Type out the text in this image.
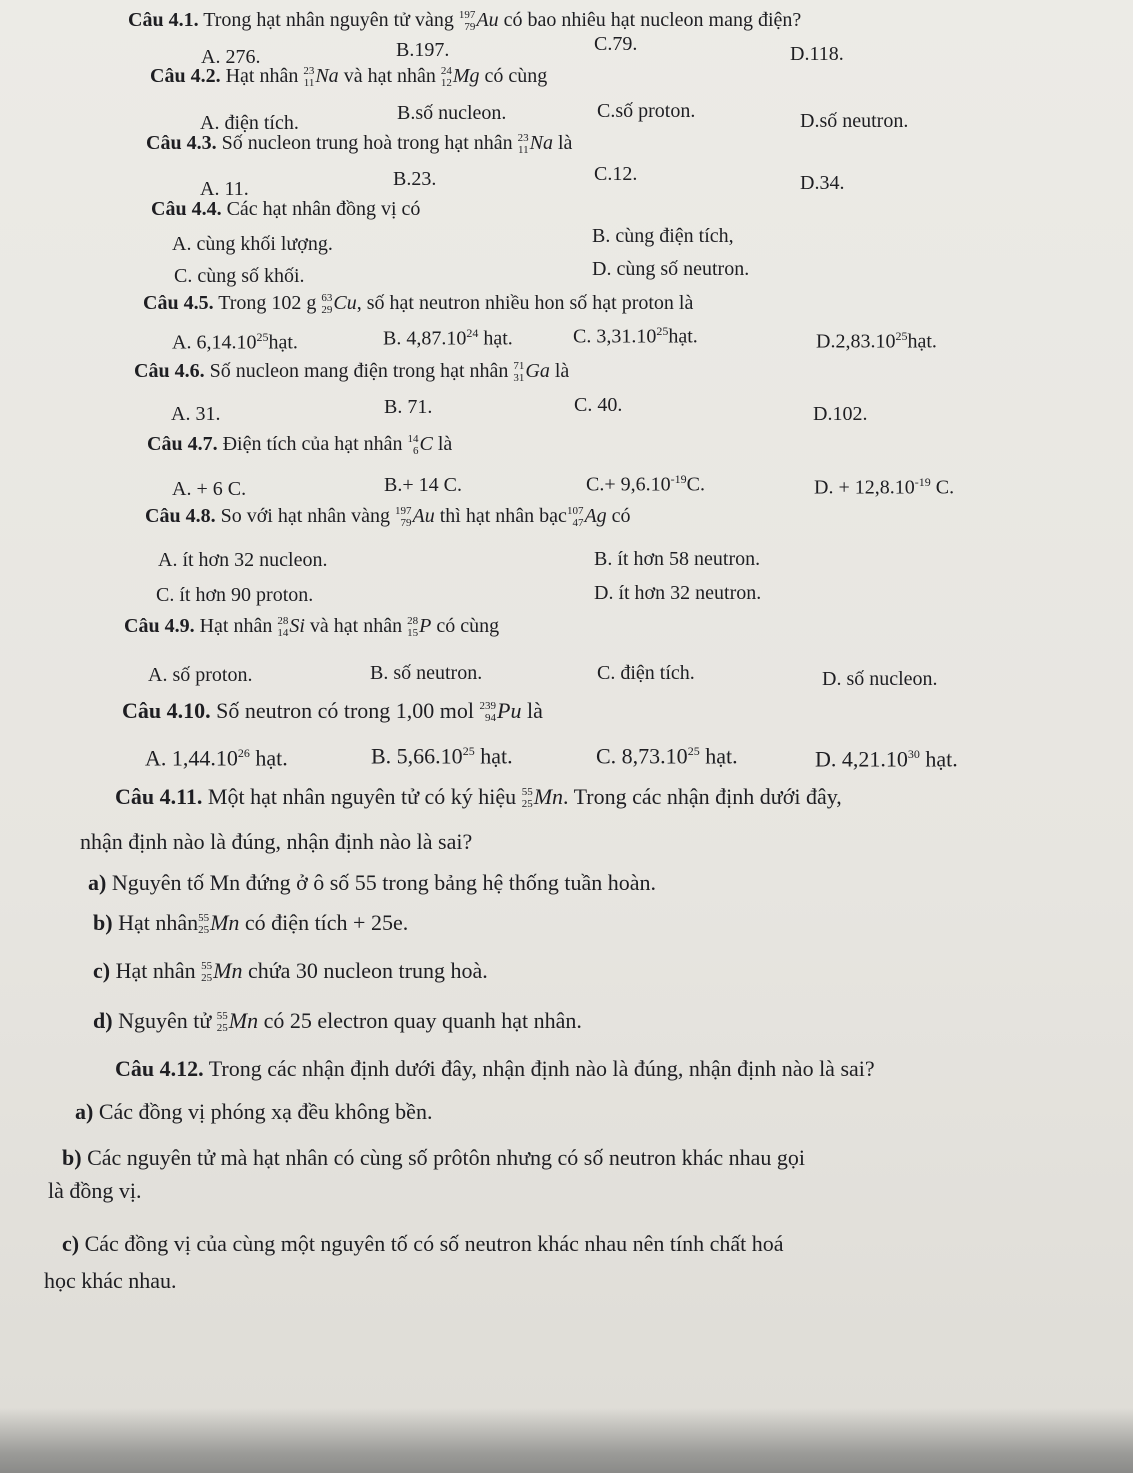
Câu 4.1. Trong hạt nhân nguyên tử vàng 197
79 Au có bao nhiêu hạt nucleon mang điện?
A. 276.	B.197.	C.79.	D.118.
Câu 4.2. Hạt nhân 23
11 Na và hạt nhân 24
12 Mg có cùng
A. điện tích.	B.số nucleon.	C.số proton.	D.số neutron.
Câu 4.3. Số nucleon trung hoà trong hạt nhân 23
11 Na là
A. 11.	B.23.	C.12.	D.34.
Câu 4.4. Các hạt nhân đồng vị có
A. cùng khối lượng.	B. cùng điện tích,
C. cùng số khối.	D. cùng số neutron.
Câu 4.5. Trong 102 g 63
29 Cu, số hạt neutron nhiều hon số hạt proton là
A. 6,14.10$^{25}$hạt.	B. 4,87.10$^{24}$ hạt.	C. 3,31.10$^{25}$hạt.	D.2,83.10$^{25}$hạt.
Câu 4.6. Số nucleon mang điện trong hạt nhân 71
31 Ga là
A. 31.	B. 71.	C. 40.	D.102.
Câu 4.7. Điện tích của hạt nhân 14
6 C là
A. + 6 C.	B.+ 14 C.	$C.+ 9,6.10^{-19}C$.	D. + $12,8.10^{-19}$ C.
Câu 4.8. So với hạt nhân vàng 197
79 Au thì hạt nhân bạc 107
47 Ag có
A. ít hơn 32 nucleon.	B. ít hơn 58 neutron.
C. ít hơn 90 proton.	D. ít hơn 32 neutron.
Câu 4.9. Hạt nhân 28
14 Si và hạt nhân 28
15 P có cùng
A. số proton.	B. số neutron.	C. điện tích.	D. số nucleon.
Câu 4.10. Số neutron có trong 1,00 mol 239
94 Pu là
A. 1,44.10$^{26}$ hạt.	B. 5,66.10$^{25}$ hạt.	C. 8,73.10$^{25}$ hạt.	D. 4,21.10$^{30}$ hạt.
Câu 4.11. Một hạt nhân nguyên tử có ký hiệu 55
25 Mn. Trong các nhận định dưới đây,
nhận định nào là đúng, nhận định nào là sai?
a) Nguyên tố Mn đứng ở ô số 55 trong bảng hệ thống tuần hoàn.
b) Hạt nhân 55
25 Mn có điện tích + 25e.
c) Hạt nhân 55
25 Mn chứa 30 nucleon trung hoà.
d) Nguyên tử 55
25 Mn có 25 electron quay quanh hạt nhân.
Câu 4.12. Trong các nhận định dưới đây, nhận định nào là đúng, nhận định nào là sai?
a) Các đồng vị phóng xạ đều không bền.
b) Các nguyên tử mà hạt nhân có cùng số prôtôn nhưng có số neutron khác nhau gọi
là đồng vị.
c) Các đồng vị của cùng một nguyên tố có số neutron khác nhau nên tính chất hoá
học khác nhau.
